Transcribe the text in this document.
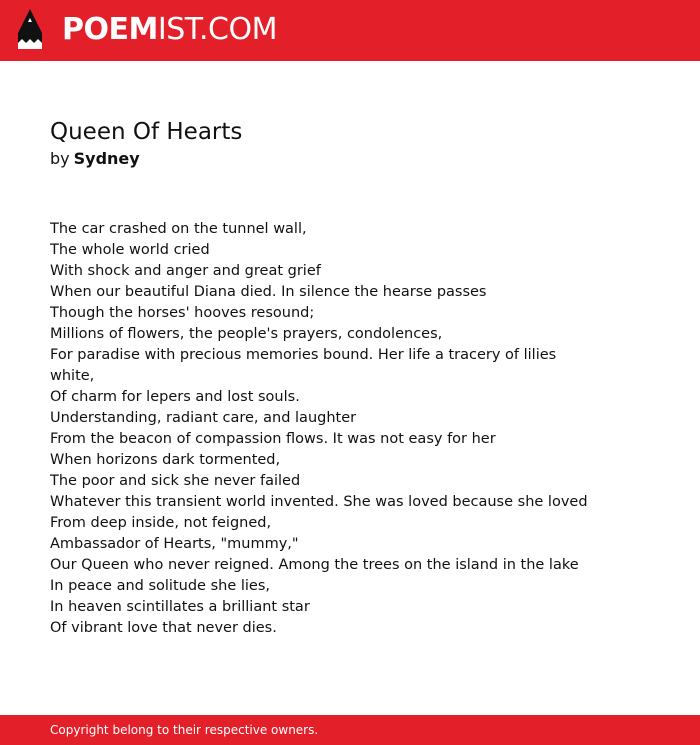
POEMIST.COM
Queen Of Hearts
by Sydney
The car crashed on the tunnel wall,
The whole world cried
With shock and anger and great grief
When our beautiful Diana died. In silence the hearse passes
Though the horses' hooves resound;
Millions of flowers, the people's prayers, condolences,
For paradise with precious memories bound. Her life a tracery of lilies
white,
Of charm for lepers and lost souls.
Understanding, radiant care, and laughter
From the beacon of compassion flows. It was not easy for her
When horizons dark tormented,
The poor and sick she never failed
Whatever this transient world invented. She was loved because she loved
From deep inside, not feigned,
Ambassador of Hearts, "mummy,"
Our Queen who never reigned. Among the trees on the island in the lake
In peace and solitude she lies,
In heaven scintillates a brilliant star
Of vibrant love that never dies.
Copyright belong to their respective owners.
